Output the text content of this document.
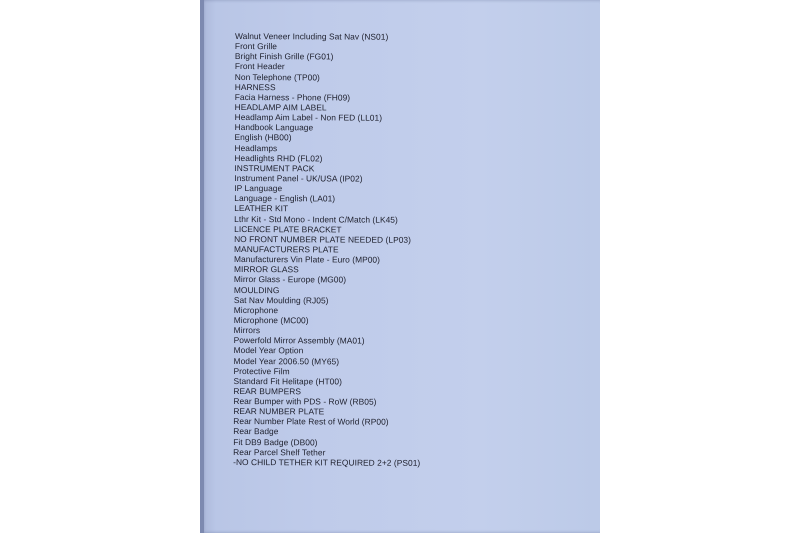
Walnut Veneer Including Sat Nav (NS01)
Front Grille
Bright Finish Grille (FG01)
Front Header
Non Telephone (TP00)
HARNESS
Facia Harness - Phone (FH09)
HEADLAMP AIM LABEL
Headlamp Aim Label - Non FED (LL01)
Handbook Language
English (HB00)
Headlamps
Headlights RHD (FL02)
INSTRUMENT PACK
Instrument Panel - UK/USA (IP02)
IP Language
Language - English (LA01)
LEATHER KIT
Lthr Kit - Std Mono - Indent C/Match (LK45)
LICENCE PLATE BRACKET
NO FRONT NUMBER PLATE NEEDED (LP03)
MANUFACTURERS PLATE
Manufacturers Vin Plate - Euro (MP00)
MIRROR GLASS
Mirror Glass - Europe (MG00)
MOULDING
Sat Nav Moulding (RJ05)
Microphone
Microphone (MC00)
Mirrors
Powerfold Mirror Assembly (MA01)
Model Year Option
Model Year 2006.50 (MY65)
Protective Film
Standard Fit Helitape (HT00)
REAR BUMPERS
Rear Bumper with PDS - RoW (RB05)
REAR NUMBER PLATE
Rear Number Plate Rest of World (RP00)
Rear Badge
Fit DB9 Badge (DB00)
Rear Parcel Shelf Tether
-NO CHILD TETHER KIT REQUIRED 2+2 (PS01)
